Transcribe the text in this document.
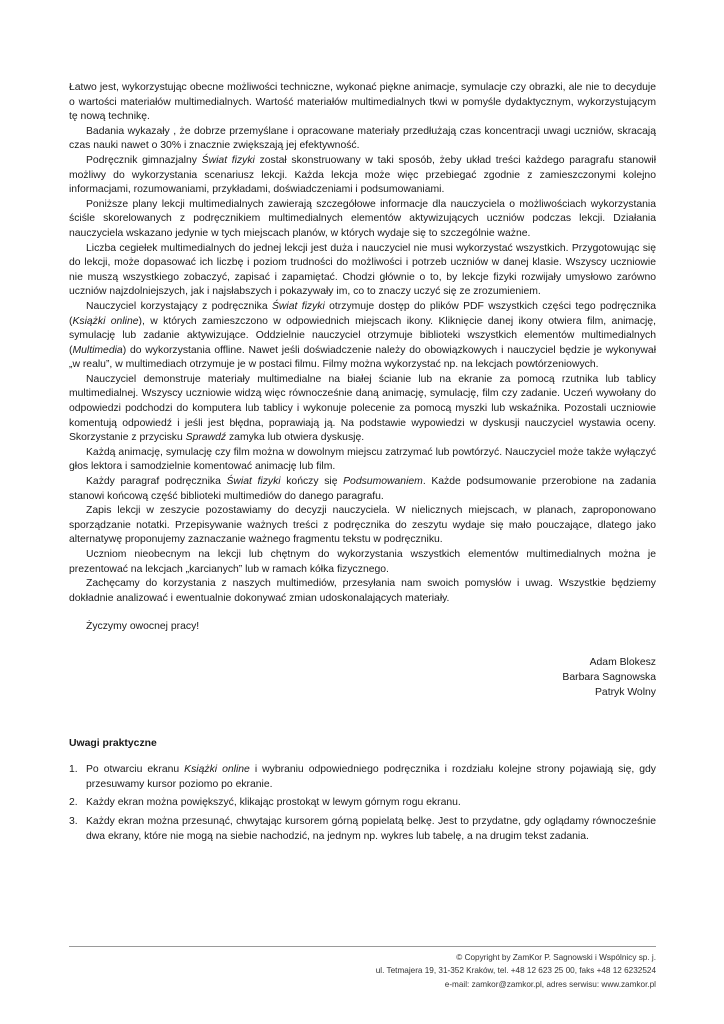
Łatwo jest, wykorzystując obecne możliwości techniczne, wykonać piękne animacje, symulacje czy obrazki, ale nie to decyduje o wartości materiałów multimedialnych. Wartość materiałów multimedialnych tkwi w pomyśle dydaktycznym, wykorzystującym tę nową technikę.

Badania wykazały , że dobrze przemyślane i opracowane materiały przedłużają czas koncentracji uwagi uczniów, skracają czas nauki nawet o 30% i znacznie zwiększają jej efektywność.

Podręcznik gimnazjalny Świat fizyki został skonstruowany w taki sposób, żeby układ treści każdego paragrafu stanowił możliwy do wykorzystania scenariusz lekcji. Każda lekcja może więc przebiegać zgodnie z zamieszczonymi kolejno informacjami, rozumowaniami, przykładami, doświadczeniami i podsumowaniami.

Poniższe plany lekcji multimedialnych zawierają szczegółowe informacje dla nauczyciela o możliwościach wykorzystania ściśle skorelowanych z podręcznikiem multimedialnych elementów aktywizujących uczniów podczas lekcji. Działania nauczyciela wskazano jedynie w tych miejscach planów, w których wydaje się to szczególnie ważne.

Liczba cegiełek multimedialnych do jednej lekcji jest duża i nauczyciel nie musi wykorzystać wszystkich. Przygotowując się do lekcji, może dopasować ich liczbę i poziom trudności do możliwości i potrzeb uczniów w danej klasie. Wszyscy uczniowie nie muszą wszystkiego zobaczyć, zapisać i zapamiętać. Chodzi głównie o to, by lekcje fizyki rozwijały umysłowo zarówno uczniów najzdolniejszych, jak i najsłabszych i pokazywały im, co to znaczy uczyć się ze zrozumieniem.

Nauczyciel korzystający z podręcznika Świat fizyki otrzymuje dostęp do plików PDF wszystkich części tego podręcznika (Książki online), w których zamieszczono w odpowiednich miejscach ikony. Kliknięcie danej ikony otwiera film, animację, symulację lub zadanie aktywizujące. Oddzielnie nauczyciel otrzymuje biblioteki wszystkich elementów multimedialnych (Multimedia) do wykorzystania offline. Nawet jeśli doświadczenie należy do obowiązkowych i nauczyciel będzie je wykonywał „w realu”, w multimediach otrzymuje je w postaci filmu. Filmy można wykorzystać np. na lekcjach powtórzeniowych.

Nauczyciel demonstruje materiały multimedialne na białej ścianie lub na ekranie za pomocą rzutnika lub tablicy multimedialnej. Wszyscy uczniowie widzą więc równocześnie daną animację, symulację, film czy zadanie. Uczeń wywołany do odpowiedzi podchodzi do komputera lub tablicy i wykonuje polecenie za pomocą myszki lub wskaźnika. Pozostali uczniowie komentują odpowiedź i jeśli jest błędna, poprawiają ją. Na podstawie wypowiedzi w dyskusji nauczyciel wystawia oceny. Skorzystanie z przycisku Sprawdź zamyka lub otwiera dyskusję.

Każdą animację, symulację czy film można w dowolnym miejscu zatrzymać lub powtórzyć. Nauczyciel może także wyłączyć głos lektora i samodzielnie komentować animację lub film.

Każdy paragraf podręcznika Świat fizyki kończy się Podsumowaniem. Każde podsumowanie przerobione na zadania stanowi końcową część biblioteki multimediów do danego paragrafu.

Zapis lekcji w zeszycie pozostawiamy do decyzji nauczyciela. W nielicznych miejscach, w planach, zaproponowano sporządzanie notatki. Przepisywanie ważnych treści z podręcznika do zeszytu wydaje się mało pouczające, dlatego jako alternatywę proponujemy zaznaczanie ważnego fragmentu tekstu w podręczniku.

Uczniom nieobecnym na lekcji lub chętnym do wykorzystania wszystkich elementów multimedialnych można je prezentować na lekcjach „karcianych” lub w ramach kółka fizycznego.

Zachęcamy do korzystania z naszych multimediów, przesyłania nam swoich pomysłów i uwag. Wszystkie będziemy dokładnie analizować i ewentualnie dokonywać zmian udoskonalających materiały.

Życzymy owocnej pracy!

Adam Blokesz
Barbara Sagnowska
Patryk Wolny

Uwagi praktyczne

1. Po otwarciu ekranu Książki online i wybraniu odpowiedniego podręcznika i rozdziału kolejne strony pojawiają się, gdy przesuwamy kursor poziomo po ekranie.
2. Każdy ekran można powiększyć, klikając prostokąt w lewym górnym rogu ekranu.
3. Każdy ekran można przesunąć, chwytając kursorem górną popielatą belkę. Jest to przydatne, gdy oglądamy równocześnie dwa ekrany, które nie mogą na siebie nachodzić, na jednym np. wykres lub tabelę, a na drugim tekst zadania.
© Copyright by ZamKor P. Sagnowski i Wspólnicy sp. j.
ul. Tetmajera 19, 31-352 Kraków, tel. +48 12 623 25 00, faks +48 12 6232524
e-mail: zamkor@zamkor.pl, adres serwisu: www.zamkor.pl
